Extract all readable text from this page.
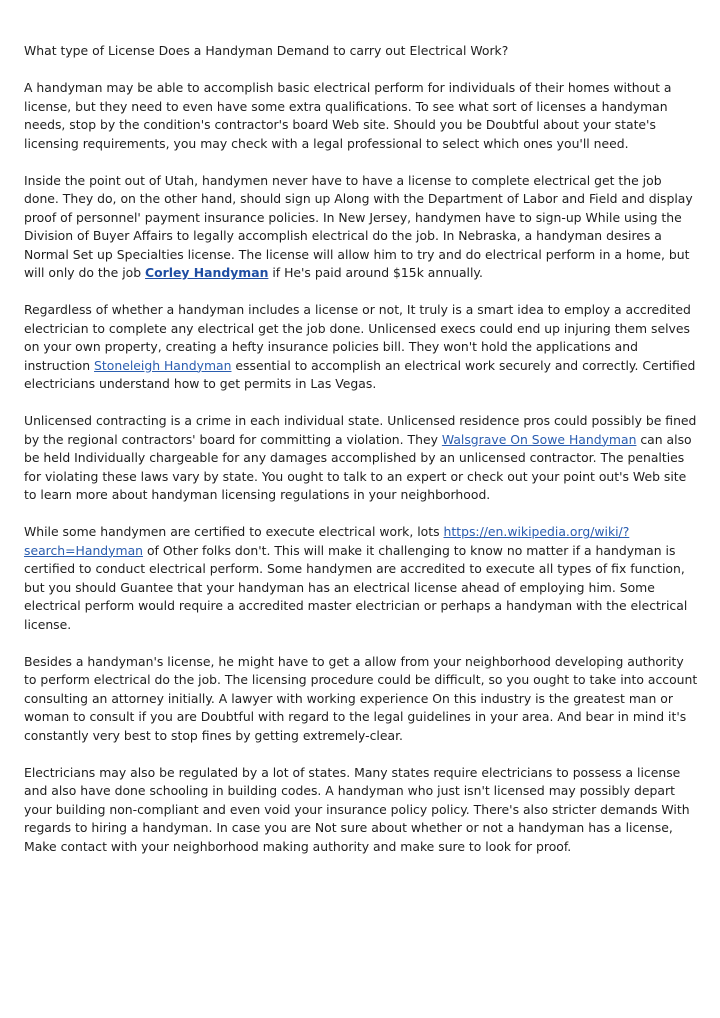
What type of License Does a Handyman Demand to carry out Electrical Work?

A handyman may be able to accomplish basic electrical perform for individuals of their homes without a license, but they need to even have some extra qualifications. To see what sort of licenses a handyman needs, stop by the condition's contractor's board Web site. Should you be Doubtful about your state's licensing requirements, you may check with a legal professional to select which ones you'll need.

Inside the point out of Utah, handymen never have to have a license to complete electrical get the job done. They do, on the other hand, should sign up Along with the Department of Labor and Field and display proof of personnel' payment insurance policies. In New Jersey, handymen have to sign-up While using the Division of Buyer Affairs to legally accomplish electrical do the job. In Nebraska, a handyman desires a Normal Set up Specialties license. The license will allow him to try and do electrical perform in a home, but will only do the job Corley Handyman if He's paid around $15k annually.

Regardless of whether a handyman includes a license or not, It truly is a smart idea to employ a accredited electrician to complete any electrical get the job done. Unlicensed execs could end up injuring them selves on your own property, creating a hefty insurance policies bill. They won't hold the applications and instruction Stoneleigh Handyman essential to accomplish an electrical work securely and correctly. Certified electricians understand how to get permits in Las Vegas.

Unlicensed contracting is a crime in each individual state. Unlicensed residence pros could possibly be fined by the regional contractors' board for committing a violation. They Walsgrave On Sowe Handyman can also be held Individually chargeable for any damages accomplished by an unlicensed contractor. The penalties for violating these laws vary by state. You ought to talk to an expert or check out your point out's Web site to learn more about handyman licensing regulations in your neighborhood.

While some handymen are certified to execute electrical work, lots https://en.wikipedia.org/wiki/?search=Handyman of Other folks don't. This will make it challenging to know no matter if a handyman is certified to conduct electrical perform. Some handymen are accredited to execute all types of fix function, but you should Guantee that your handyman has an electrical license ahead of employing him. Some electrical perform would require a accredited master electrician or perhaps a handyman with the electrical license.

Besides a handyman's license, he might have to get a allow from your neighborhood developing authority to perform electrical do the job. The licensing procedure could be difficult, so you ought to take into account consulting an attorney initially. A lawyer with working experience On this industry is the greatest man or woman to consult if you are Doubtful with regard to the legal guidelines in your area. And bear in mind it's constantly very best to stop fines by getting extremely-clear.

Electricians may also be regulated by a lot of states. Many states require electricians to possess a license and also have done schooling in building codes. A handyman who just isn't licensed may possibly depart your building non-compliant and even void your insurance policy policy. There's also stricter demands With regards to hiring a handyman. In case you are Not sure about whether or not a handyman has a license, Make contact with your neighborhood making authority and make sure to look for proof.
